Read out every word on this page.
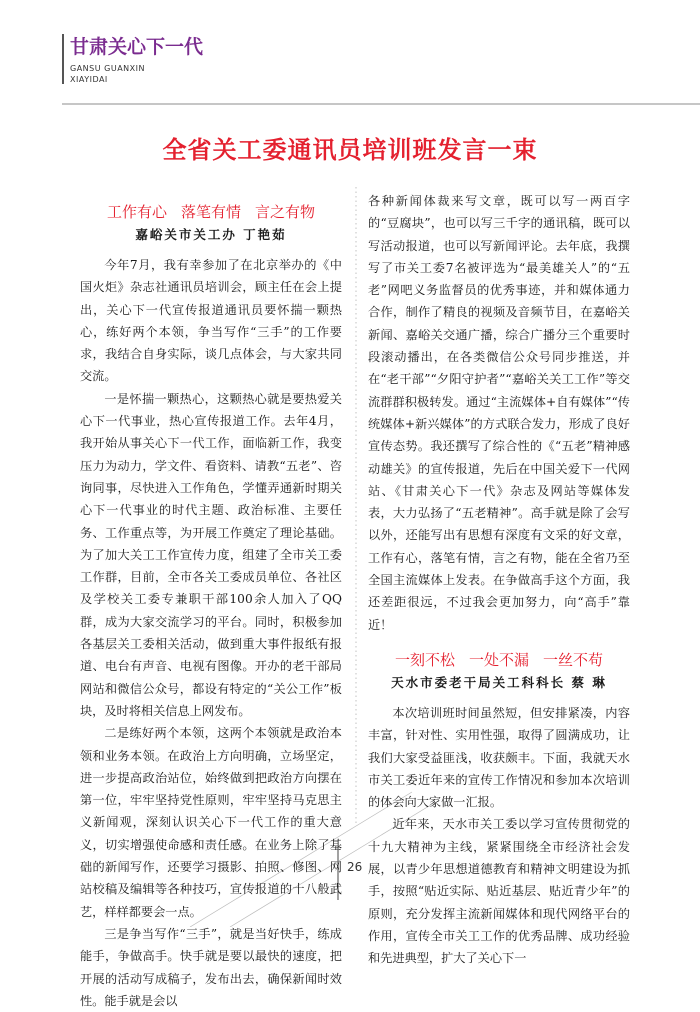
甘肃关心下一代
GANSU GUANXIN
XIAYIDAI
全省关工委通讯员培训班发言一束
工作有心 落笔有情 言之有物
嘉峪关市关工办 丁艳茹

今年7月，我有幸参加了在北京举办的《中国火炬》杂志社通讯员培训会，顾主任在会上提出，关心下一代宣传报道通讯员要怀揣一颗热心，练好两个本领，争当写作“三手”的工作要求，我结合自身实际，谈几点体会，与大家共同交流。

一是怀揣一颗热心，这颗热心就是要热爱关心下一代事业，热心宣传报道工作。去年4月，我开始从事关心下一代工作，面临新工作，我变压力为动力，学文件、看资料、请教“五老”、咨询同事，尽快进入工作角色，学懂弄通新时期关心下一代事业的时代主题、政治标准、主要任务、工作重点等，为开展工作奠定了理论基础。为了加大关工工作宣传力度，组建了全市关工委工作群，目前，全市各关工委成员单位、各社区及学校关工委专兼职干部100余人加入了QQ群，成为大家交流学习的平台。同时，积极参加各基层关工委相关活动，做到重大事件报纸有报道、电台有声音、电视有图像。开办的老干部局网站和微信公众号，都设有特定的“关公工作”板块，及时将相关信息上网发布。

二是练好两个本领，这两个本领就是政治本领和业务本领。在政治上方向明确，立场坚定，进一步提高政治站位，始终做到把政治方向摆在第一位，牢牢坚持党性原则，牢牢坚持马克思主义新闻观，深刻认识关心下一代工作的重大意义，切实增强使命感和责任感。在业务上除了基础的新闻写作，还要学习摄影、拍照、修图、网站校稿及编辑等各种技巧，宣传报道的十八般武艺，样样都要会一点。

三是争当写作“三手”，就是当好快手，练成能手，争做高手。快手就是要以最快的速度，把开展的活动写成稿子，发布出去，确保新闻时效性。能手就是会以

各种新闻体裁来写文章，既可以写一两百字的“豆腐块”，也可以写三千字的通讯稿，既可以写活动报道，也可以写新闻评论。去年底，我撰写了市关工委7名被评选为“最美雄关人”的“五老”网吧义务监督员的优秀事迹，并和媒体通力合作，制作了精良的视频及音频节目，在嘉峪关新闻、嘉峪关交通广播，综合广播分三个重要时段滚动播出，在各类微信公众号同步推送，并在“老干部”“夕阳守护者”“嘉峪关关工工作”等交流群群积极转发。通过“主流媒体+自有媒体”“传统媒体+新兴媒体”的方式联合发力，形成了良好宣传态势。我还撰写了综合性的《“五老”精神感动雄关》的宣传报道，先后在中国关爱下一代网站、《甘肃关心下一代》杂志及网站等媒体发表，大力弘扬了“五老精神”。高手就是除了会写以外，还能写出有思想有深度有文采的好文章，工作有心，落笔有情，言之有物，能在全省乃至全国主流媒体上发表。在争做高手这个方面，我还差距很远，不过我会更加努力，向“高手”靠近！

一刻不松 一处不漏 一丝不苟
天水市委老干局关工科科长 蔡 琳

本次培训班时间虽然短，但安排紧凑，内容丰富，针对性、实用性强，取得了圆满成功，让我们大家受益匪浅，收获颇丰。下面，我就天水市关工委近年来的宣传工作情况和参加本次培训的体会向大家做一汇报。

近年来，天水市关工委以学习宣传贯彻党的十九大精神为主线，紧紧围绕全市经济社会发展，以青少年思想道德教育和精神文明建设为抓手，按照“贴近实际、贴近基层、贴近青少年”的原则，充分发挥主流新闻媒体和现代网络平台的作用，宣传全市关工工作的优秀品牌、成功经验和先进典型，扩大了关心下一

26
